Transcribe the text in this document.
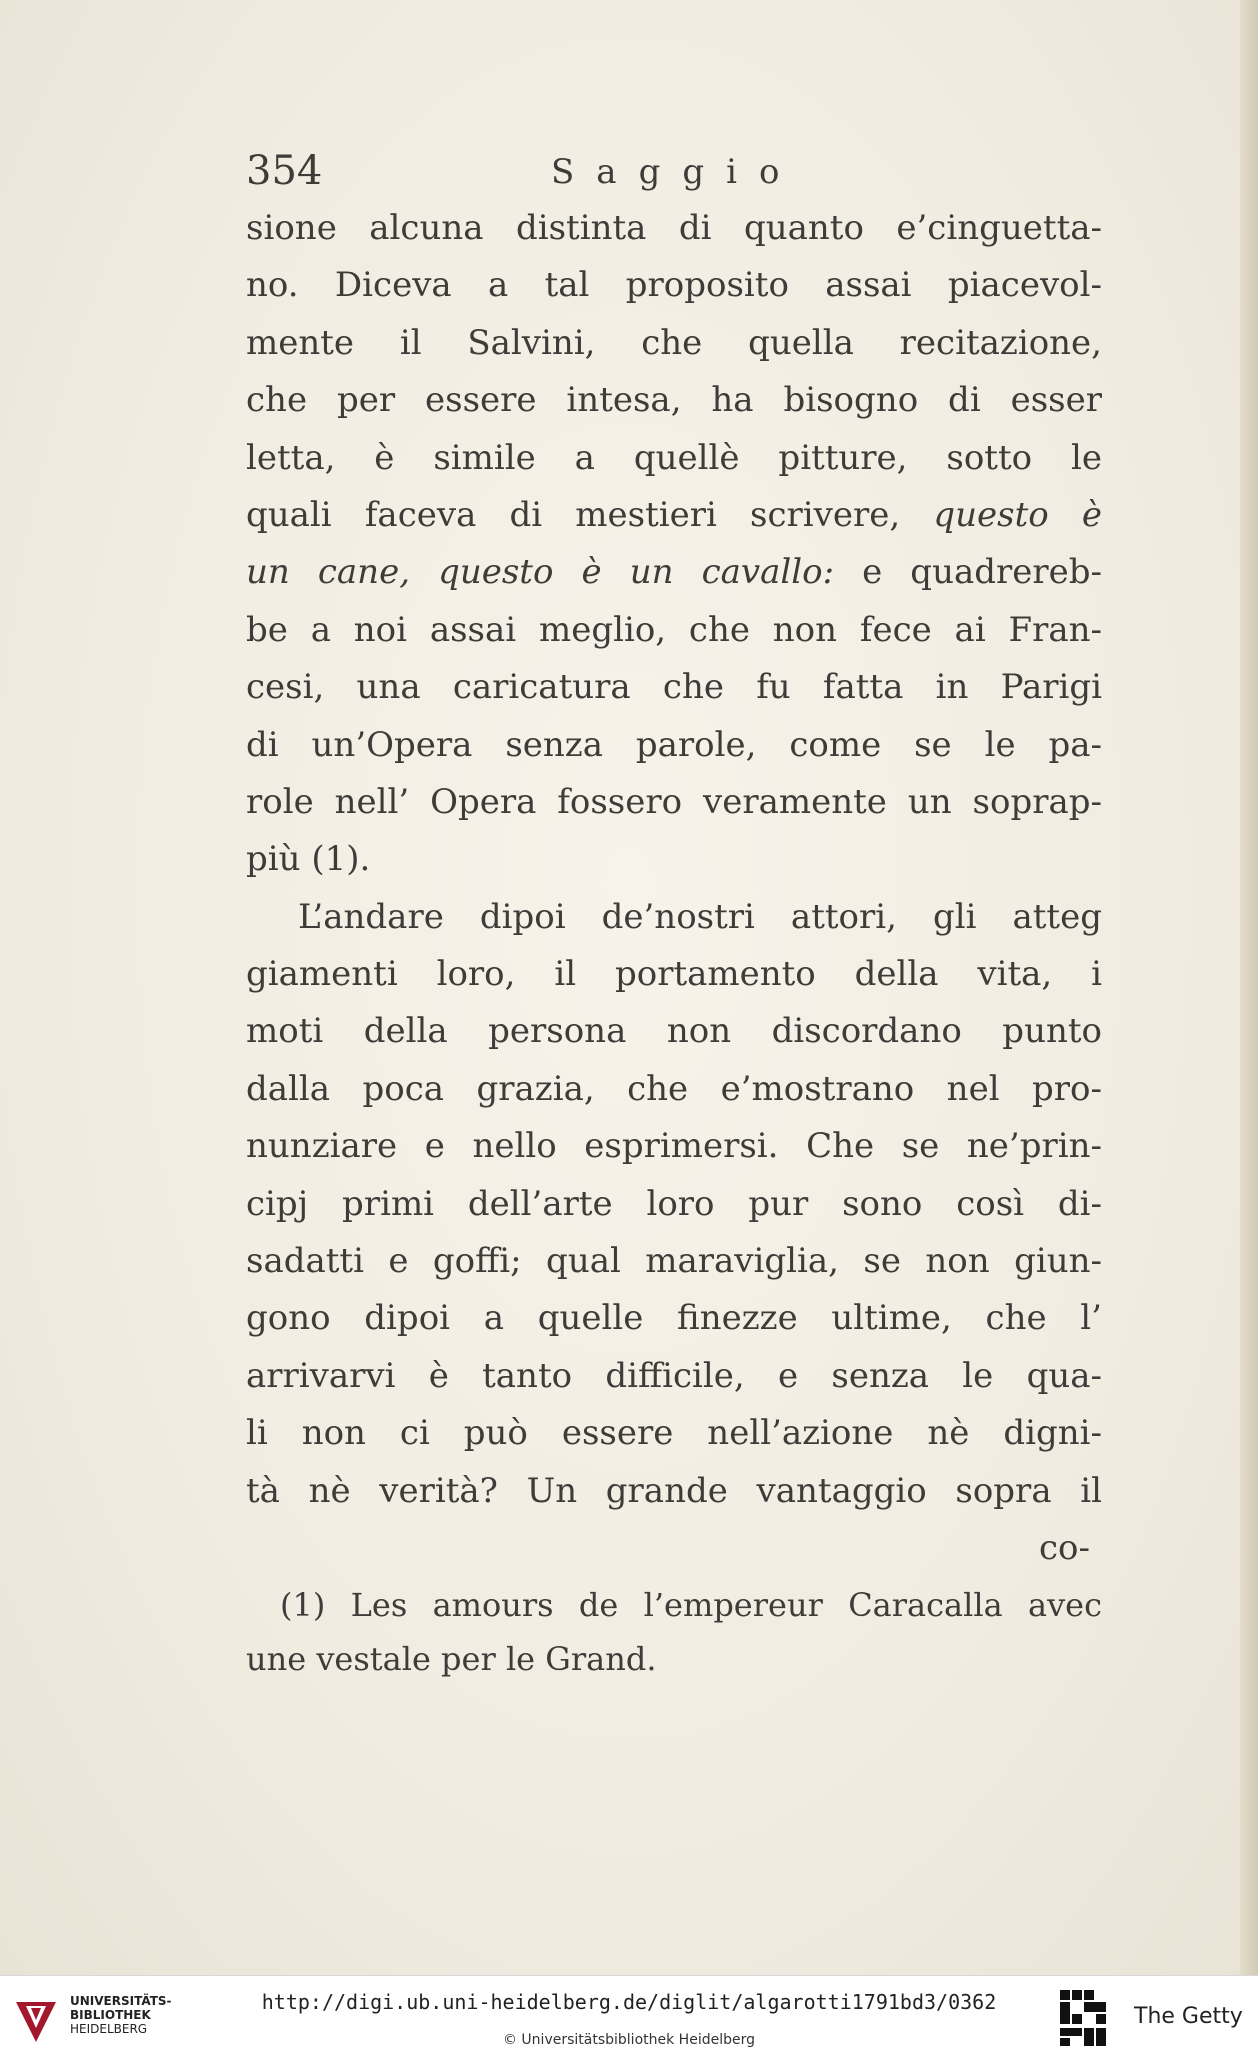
354	Saggio
sione alcuna distinta di quanto e’cinguetta-
no. Diceva a tal proposito assai piacevol-
mente il Salvini, che quella recitazione,
che per essere intesa, ha bisogno di esser
letta, è simile a quellè pitture, sotto le
quali faceva di mestieri scrivere, questo è
un cane, questo è un cavallo: e quadrereb-
be a noi assai meglio, che non fece ai Fran-
cesi, una caricatura che fu fatta in Parigi
di un’Opera senza parole, come se le pa-
role nell’ Opera fossero veramente un soprap-
più (1).
L’andare dipoi de’nostri attori, gli atteg
giamenti loro, il portamento della vita, i
moti della persona non discordano punto
dalla poca grazia, che e’mostrano nel pro-
nunziare e nello esprimersi. Che se ne’prin-
cipj primi dell’arte loro pur sono così di-
sadatti e goffi; qual maraviglia, se non giun-
gono dipoi a quelle finezze ultime, che l’
arrivarvi è tanto difficile, e senza le qua-
li non ci può essere nell’azione nè digni-
tà nè verità? Un grande vantaggio sopra il
co-
(1) Les amours de l’empereur Caracalla avec
une vestale per le Grand.
UNIVERSITÄTS-
BIBLIOTHEK
HEIDELBERG
http://digi.ub.uni-heidelberg.de/diglit/algarotti1791bd3/0362
© Universitätsbibliothek Heidelberg
The Getty
